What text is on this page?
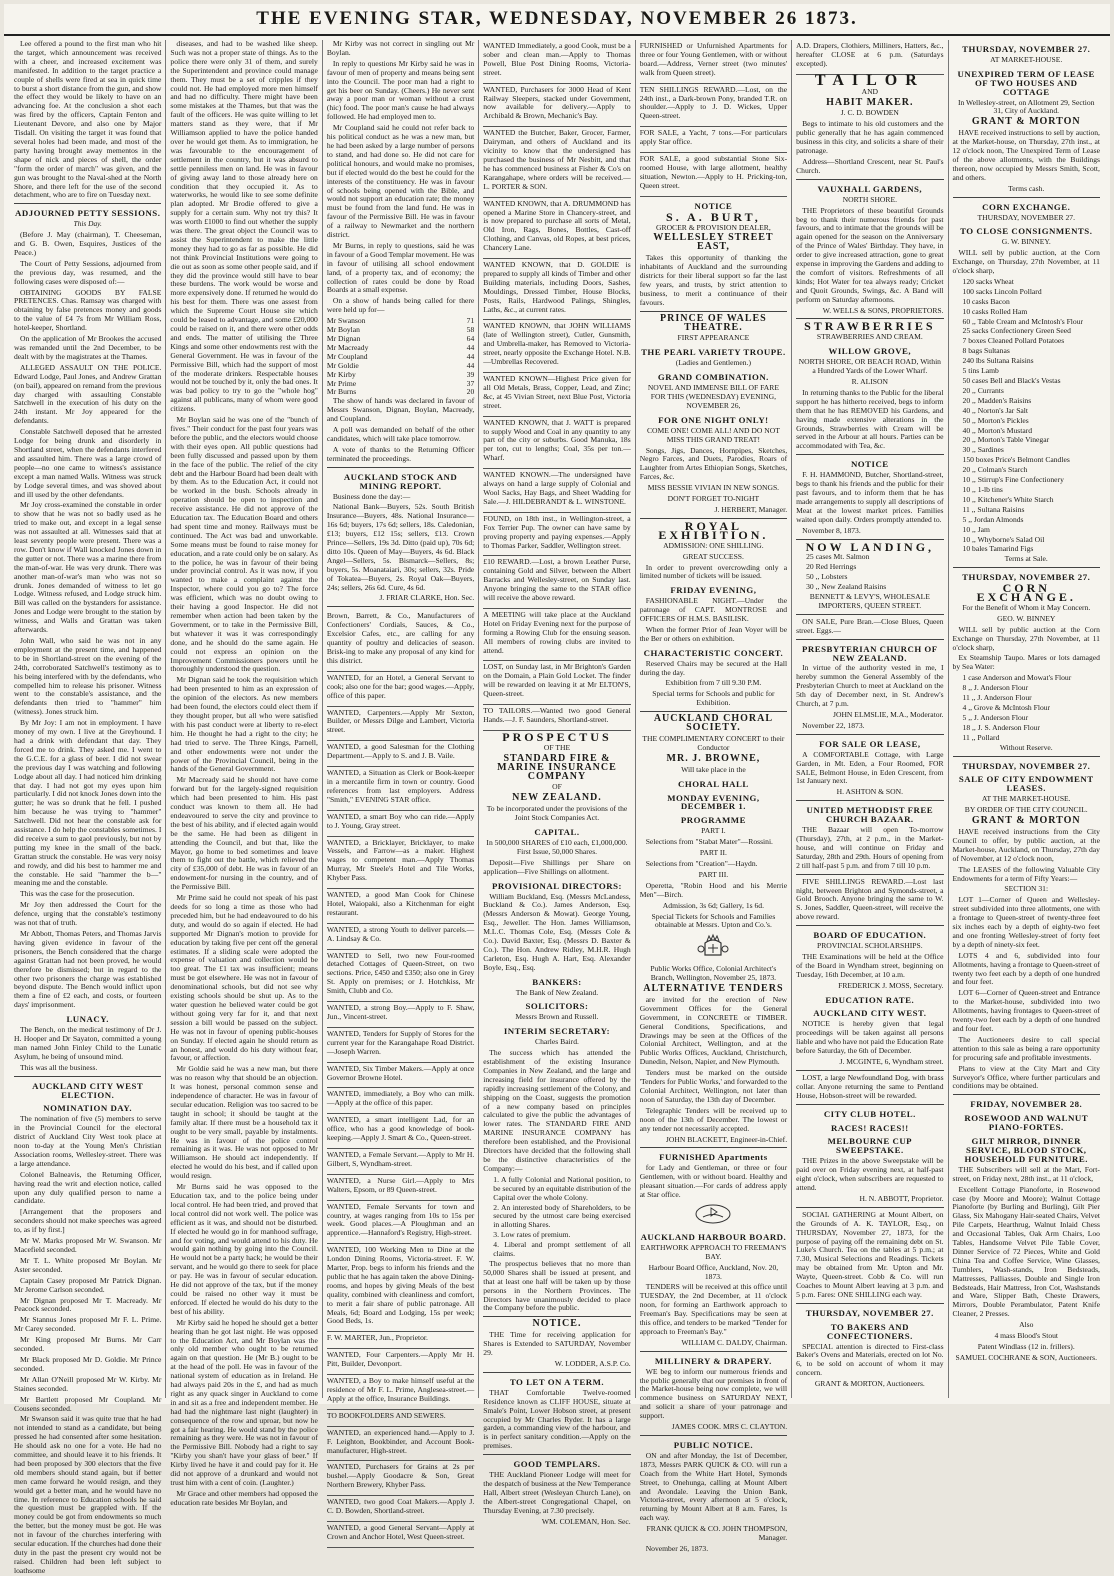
THE EVENING STAR, WEDNESDAY, NOVEMBER 26 1873.

Lee offered a pound to the first man who hit the target, which announcement was received with a cheer, and increased excitement was manifested. In addition to the target practice a couple of shells were fired at sea in quick time to burst a short distance from the gun, and show the effect they would be likely to have on an advancing foe. At the conclusion a shot each was fired by the officers, Captain Fenton and Lieutenant Devore, and also one by Major Tisdall. On visiting the target it was found that several holes had been made, and most of the party having brought away mementos in the shape of nick and pieces of shell, the order "form the order of march" was given, and the gun was brought to the Naval-shed at the North Shore, and there left for the use of the second detachment, who are to fire on Tuesday next.

ADJOURNED PETTY SESSIONS.
This Day.

(Before J. May (chairman), T. Cheeseman, and G. B. Owen, Esquires, Justices of the Peace.)

The Court of Petty Sessions, adjourned from the previous day, was resumed, and the following cases were disposed of:—

OBTAINING GOODS BY FALSE PRETENCES. Chas. Ramsay was charged with obtaining by false pretences money and goods to the value of £4 7s from Mr William Ross, hotel-keeper, Shortland.

On the application of Mr Brookes the accused was remanded until the 2nd December, to be dealt with by the magistrates at the Thames.

ALLEGED ASSAULT ON THE POLICE. Edward Lodge, Paul Jones, and Andrew Grattan (on bail), appeared on remand from the previous day charged with assaulting Constable Satchwell in the execution of his duty on the 24th instant. Mr Joy appeared for the defendants.

Constable Satchwell deposed that he arrested Lodge for being drunk and disorderly in Shortland street, when the defendants interfered and assaulted him. There was a large crowd of people—no one came to witness's assistance except a man named Walls. Witness was struck by Lodge several times, and was shoved about and ill used by the other defendants.

Mr Joy cross-examined the constable in order to show that he was not so badly used as he tried to make out, and except in a legal sense was not assaulted at all. Witnesses said that at least seventy people were present. There was a row. Don't know if Wall knocked Jones down in the gutter or not. There was a marine there from the man-of-war. He was very drunk. There was another man-of-war's man who was not so drunk. Jones demanded of witness to let go Lodge. Witness refused, and Lodge struck him. Bill was called on the bystanders for assistance. Jones and Lodge were brought to the station by witness, and Walls and Grattan was taken afterwards.

John Wall, who said he was not in any employment at the present time, and happened to be in Shortland-street on the evening of the 24th, corroborated Satchwell's testimony as to his being interfered with by the defendants, who compelled him to release his prisoner. Witness went to the constable's assistance, and the defendants then tried to "hammer" him (witness). Jones struck him.

By Mr Joy: I am not in employment. I have money of my own. I live at the Greyhound. I had a drink with defendant that day. They forced me to drink. They asked me. I went to the G.C.E. for a glass of beer. I did not swear the previous day I was watching and following Lodge about all day. I had noticed him drinking that day. I had not got my eyes upon him particularly. I did not knock Jones down into the gutter; he was so drunk that he fell. I pushed him because he was trying to "hammer" Satchwell. Did not hear the constable ask for assistance. I do help the constables sometimes. I did receive a sum to gaol previously, but not by putting my knee in the small of the back. Grattan struck the constable. He was very noisy and rowdy, and did his best to hammer me and the constable. He said "hammer the b—" meaning me and the constable.

This was the case for the prosecution.

Mr Joy then addressed the Court for the defence, urging that the constable's testimony was not that of truth.

Mr Abbott, Thomas Peters, and Thomas Jarvis having given evidence in favour of the prisoners, the Bench considered that the charge against Grattan had not been proved, he would therefore be dismissed; but in regard to the other two prisoners the charge was established beyond dispute. The Bench would inflict upon them a fine of £2 each, and costs, or fourteen days' imprisonment.

LUNACY.

The Bench, on the medical testimony of Dr J. H. Hooper and Dr Sayaton, committed a young man named John Finley Child to the Lunatic Asylum, he being of unsound mind.

This was all the business.

AUCKLAND CITY WEST ELECTION.
NOMINATION DAY.

The nomination of five (5) members to serve in the Provincial Council for the electoral district of Auckland City West took place at noon to-day at the Young Men's Christian Association rooms, Wellesley-street. There was a large attendance.

Colonel Balneavis, the Returning Officer, having read the writ and election notice, called upon any duly qualified person to name a candidate.

[Arrangement that the proposers and seconders should not make speeches was agreed to, as if by first.]

Mr W. Marks proposed Mr W. Swanson. Mr Macefield seconded.

Mr T. L. White proposed Mr Boylan. Mr Aster seconded.

Captain Casey proposed Mr Patrick Dignan. Mr Jerome Carlson seconded.

Mr Dignan proposed Mr T. Macready. Mr Peacock seconded.

Mr Stannus Jones proposed Mr F. L. Prime. Mr Carey seconded.

Mr King proposed Mr Burns. Mr Carr seconded.

Mr Black proposed Mr D. Goldie. Mr Prince seconded.

Mr Allan O'Neill proposed Mr W. Kirby. Mr Staines seconded.

Mr Bartlett proposed Mr Coupland. Mr Cousens seconded.

Mr Swanson said it was quite true that he had not intended to stand as a candidate, but being pressed he had consented after some hesitation. He should ask no one for a vote. He had no committee, and should leave it to his friends. It had been proposed by 300 electors that the five old members should stand again, but if better men came forward he would resign, and they would get a better man, and he would have no time. In reference to Education schools he said the question must be grappled with. If the money could be got from endowments so much the better, but the money must be got. He was not in favour of the churches interfering with secular education. If the churches had done their duty in the past the present cry would not be raised. Children had been left subject to loathsome

diseases, and had to be washed like sheep. Such was not a proper state of things. As to the police there were only 31 of them, and surely the Superintendent and province could manage them. They must be a set of cripples if they could not. He had employed more men himself and had no difficulty. There might have been some mistakes at the Thames, but that was the fault of the officers. He was quite willing to let matters stand as they were, that if Mr Williamson applied to have the police handed over he would get them. As to immigration, he was favourable to the encouragement of settlement in the country, but it was absurd to settle penniless men on land. He was in favour of giving away land to those already here on condition that they occupied it. As to waterworks, he would like to see some definite plan adopted. Mr Brodie offered to give a supply for a certain sum. Why not try this? It was worth £1000 to find out whether the supply was there. The great object the Council was to assist the Superintendent to make the little money they had to go as far as possible. He did not think Provincial Institutions were going to die out as soon as some other people said, and if they did the province would still have to bear these burdens. The work would be worse and more expensively done. If returned he would do his best for them. There was one assest from which the Supreme Court House site which could be leased to advantage, and some £20,000 could be raised on it, and there were other odds and ends. The matter of utilising the Three Kings and some other endowments rest with the General Government. He was in favour of the Permissive Bill, which had the support of most of the moderate drinkers. Respectable houses would not be touched by it, only the bad ones. It was bad policy to try to go the "whole hog" against all publicans, many of whom were good citizens.

Mr Boylan said he was one of the "bunch of fives." Their conduct for the past four years was before the public, and the electors would choose with their eyes open. All public questions had been fully discussed and passed upon by them in the face of the public. The relief of the city debt and the Harbour Board had been dealt with by them. As to the Education Act, it could not be worked in the bush. Schools already in operation should be open to inspection and receive assistance. He did not approve of the Education tax. The Education Board and others had spent time and money. Railways must be continued. The Act was bad and unworkable. Some means must be found to raise money for education, and a rate could only be on salary. As to the police, he was in favour of their being under provincial control. As it was now, if you wanted to make a complaint against the Inspector, where could you go to? The force was efficient, which was no doubt owing to their having a good Inspector. He did not remember when action had been taken by the Government, or to take in the Permissive Bill, but whatever it was it was correspondingly done, and he should do the same again. He could not express an opinion on the Improvement Commissioners powers until he thoroughly understood the question.

Mr Dignan said he took the requisition which had been presented to him as an expression of the opinion of the electors. As new members had been found, the electors could elect them if they thought proper, but all who were satisfied with his past conduct were at liberty to re-elect him. He thought he had a right to the city; he had tried to serve. The Three Kings, Parnell, and other endowments were not under the power of the Provincial Council, being in the hands of the General Government.

Mr Macready said he should not have come forward but for the largely-signed requisition which had been presented to him. His past conduct was known to them all. He had endeavoured to serve the city and province to the best of his ability, and if elected again would be the same. He had been as diligent in attending the Council, and but that, like the Mayor, go home to bed sometimes and leave them to fight out the battle, which relieved the city of £35,000 of debt. He was in favour of an endowment-for nursing in the country, and of the Permissive Bill.

Mr Prime said he could not speak of his past deeds for so long a time as those who had preceded him, but he had endeavoured to do his duty, and would do so again if elected. He had supported Mr Dignan's motion to provide for education by taking five per cent off the general estimates. If a sliding scale were adopted the expense of valuation and collection would be too great. The £1 tax was insufficient; means must be got elsewhere. He was not in favour of denominational schools, but did not see why existing schools should be shut up. As to the water question he believed water could be got without going very far for it, and that next session a bill would be passed on the subject. He was not in favour of opening public-houses on Sunday. If elected again he should return as an honest, and would do his duty without fear, favour, or affection.

Mr Goldie said he was a new man, but there was no reason why that should be an objection. It was honest, personal common sense and independence of character. He was in favour of secular education. Religion was too sacred to be taught in school; it should be taught at the family altar. If there must be a household tax it ought to be very small, payable by instalments. He was in favour of the police control remaining as it was. He was not opposed to Mr Williamson. He should act independently. If elected he would do his best, and if called upon would resign.

Mr Burns said he was opposed to the Education tax, and to the police being under local control. He had been tried, and proved that local control did not work well. The police was efficient as it was, and should not be disturbed. If elected he would go in for manhood suffrage, and for voting, and would attend to his duty. He would gain nothing by going into the Council. He would not be a party hack; he would be their servant, and he would go there to seek for place or pay. He was in favour of secular education. He did not approve of the tax, but if the money could be raised no other way it must be enforced. If elected he would do his duty to the best of his ability.

Mr Kirby said he hoped he should get a better hearing than he got last night. He was opposed to the Education Act, and Mr Boylan was the only old member who ought to be returned again on that question. He (Mr B.) ought to be at the head of the poll. He was in favour of the national system of education as in Ireland. He had always paid 20s in the £, and had as much right as any quack singer in Auckland to come in and sit as a free and independent member. He had had the nightmare last night (laughter) in consequence of the row and uproar, but now he got a fair hearing. He would stand by the police remaining as they were. He was not in favour of the Permissive Bill. Nobody had a right to say "Kirby you shan't have your glass of beer." If Kirby lived he have it and could pay for it. He did not approve of a drunkard and would not trust him with a cent of coin. (Laughter.)

Mr Grace and other members had opposed the education rate besides Mr Boylan, and

Mr Kirby was not correct in singling out Mr Boylan.

In reply to questions Mr Kirby said he was in favour of men of property and means being sent into the Council. The poor man had a right to get his beer on Sunday. (Cheers.) He never sent away a poor man or woman without a crust (hic) food. The poor man's cause he had always followed. He had employed men to.

Mr Coupland said he could not refer back to his political conduct as he was a new man, but he had been asked by a large number of persons to stand, and had done so. He did not care for political honours, and would make no promises, but if elected would do the best he could for the interests of the constituency. He was in favour of schools being opened with the Bible, and would not support an education rate; the money must be found from the land fund. He was in favour of the Permissive Bill. He was in favour of a railway to Newmarket and the northern district.

Mr Burns, in reply to questions, said he was in favour of a Good Templar movement. He was in favour of utilising all school endowment land, of a property tax, and of economy; the collection of rates could be done by Road Boards at a small expense.

On a show of hands being called for there were held up for—

Mr Swanson	71
Mr Boylan	58
Mr Dignan	64
Mr Macready	44
Mr Coupland	44
Mr Goldie	44
Mr Kirby	39
Mr Prime	37
Mr Burns	20

The show of hands was declared in favour of Messrs Swanson, Dignan, Boylan, Macready, and Coupland.

A poll was demanded on behalf of the other candidates, which will take place tomorrow.

A vote of thanks to the Returning Officer terminated the proceedings.

AUCKLAND STOCK AND MINING REPORT.

Business done the day:—

National Bank—Buyers, 52s. South British Insurance—Buyers, 48s. National Insurance—16s 6d; buyers, 17s 6d; sellers, 18s. Caledonian, £13; buyers, £12 15s; sellers, £13. Crown Prince—Sellers, 19s 3d. Ditto (paid up), 70s 6d; ditto 10s. Queen of May—Buyers, 4s 6d. Black Angel—Sellers, 5s. Bismarck—Sellers, 8s; buyers, 5s. Moanataiari, 30s; sellers, 32s. Pride of Tokatea—Buyers, 2s. Royal Oak—Buyers, 24s; sellers, 26s 6d. Cure, 4s 6d.

J. FRIAR CLARKE, Hon. Sec.

Brown, Barrett, & Co., Manufacturers of Confectioners' Cordials, Sauces, & Co., Excelsior Cafes, etc., are calling for any quantity of poultry and delicacies of season. Brisk-ing to make any proposal of any kind for this district.

WANTED, for an Hotel, a General Servant to cook; also one for the bar; good wages.—Apply, office of this paper.

WANTED, Carpenters.—Apply Mr Sexton, Builder, or Messrs Dilge and Lambert, Victoria street.

WANTED, a good Salesman for the Clothing Department.—Apply to S. and J. B. Vaile.

WANTED, a Situation as Clerk or Book-keeper in a mercantile firm in town or country. Good references from last employers. Address "Smith," EVENING STAR office.

WANTED, a smart Boy who can ride.—Apply to J. Young, Gray street.

WANTED, a Bricklayer, Bricklayer, to make Vessels, and Farrow—as a maker. Highest wages to competent man.—Apply Thomas Murray, Mr Steele's Hotel and Tile Works, Khyber Pass.

WANTED, a good Man Cook for Chinese Hotel, Waiopaki, also a Kitchenman for eight restaurant.

WANTED, a strong Youth to deliver parcels.—A. Lindsay & Co.

WANTED to Sell, two new Four-roomed detached Cottages of Queen-Street, on two sections. Price, £450 and £350; also one in Grey St. Apply on premises; or J. Hotchkiss, Mr Smith, Clubb and Co.

WANTED, a strong Boy.—Apply to F. Shaw, Jun., Vincent-street.

WANTED, Tenders for Supply of Stores for the current year for the Karangahape Road District.—Joseph Warren.

WANTED, Six Timber Makers.—Apply at once Governor Browne Hotel.

WANTED, immediately, a Boy who can milk.—Apply at the office of this paper.

WANTED, a smart intelligent Lad, for an office, who has a good knowledge of book-keeping.—Apply J. Smart & Co., Queen-street.

WANTED, a Female Servant.—Apply to Mr H. Gilbert, S, Wyndham-street.

WANTED, a Nurse Girl.—Apply to Mrs Walters, Epsom, or 89 Queen-street.

WANTED, Female Servants for town and country, at wages ranging from 10s to 15s per week. Good places.—A Ploughman and an apprentice.—Hannaford's Registry, High-street.

WANTED, 100 Working Men to Dine at the London Dining Rooms, Victoria-street. F. W. Marter, Prop. begs to inform his friends and the public that he has again taken the above Dining-rooms, and hopes by giving Meals of the best quality, combined with cleanliness and comfort, to merit a fair share of public patronage. All Meals, 6d; Board and Lodging, 15s per week; Good Beds, 1s.

F. W. MARTER, Jun., Proprietor.

WANTED, Four Carpenters.—Apply Mr H. Pitt, Builder, Devonport.

WANTED, a Boy to make himself useful at the residence of Mr F. L. Prime, Anglesea-street.—Apply at the office, Insurance Buildings.

TO BOOKFOLDERS AND SEWERS.

WANTED, an experienced hand.—Apply to J. F. Leighton, Bookbinder, and Account Book-manufacturer, High-street.

WANTED, Purchasers for Grains at 2s per bushel.—Apply Goodacre & Son, Great Northern Brewery, Khyber Pass.

WANTED, two good Coat Makers.—Apply J. C. D. Bowden, Shortland-street.

WANTED, a good General Servant—Apply at Crown and Anchor Hotel, West Queen-street.

WANTED Immediately, a good Cook, must be a sober and clean man.—Apply to Thomas Powell, Blue Post Dining Rooms, Victoria-street.

WANTED, Purchasers for 3000 Head of Kent Railway Sleepers, stacked under Government, now available for delivery.—Apply to Archibald & Brown, Mechanic's Bay.

WANTED the Butcher, Baker, Grocer, Farmer, Dairyman, and others of Auckland and its vicinity to know that the undersigned has purchased the business of Mr Nesbitt, and that he has commenced business at Fisher & Co's on Karangahape, where orders will be received.—L. PORTER & SON.

WANTED KNOWN, that A. DRUMMOND has opened a Marine Store in Chancery-street, and is now prepared to purchase all sorts of Metal, Old Iron, Rags, Bones, Bottles, Cast-off Clothing, and Canvas, old Ropes, at best prices, Chancery Lane.

WANTED KNOWN, that D. GOLDIE is prepared to supply all kinds of Timber and other Building materials, including Doors, Sashes, Mouldings, Dressed Timber, House Blocks, Posts, Rails, Hardwood Palings, Shingles, Laths, &c., at current rates.

WANTED KNOWN, that JOHN WILLIAMS (late of Wellington street), Cutler, Gunsmith, and Umbrella-maker, has Removed to Victoria-street, nearly opposite the Exchange Hotel. N.B.—Umbrellas Recovered.

WANTED KNOWN—Highest Price given for all Old Metals, Brass, Copper, Lead, and Zinc; &c, at 45 Vivian Street, next Blue Post, Victoria street.

WANTED KNOWN, that J. WATT is prepared to supply Wood and Coal in any quantity to any part of the city or suburbs. Good Manuka, 18s per ton, cut to lengths; Coal, 35s per ton.—Wharf.

WANTED KNOWN.—The undersigned have always on hand a large supply of Colonial and Wool Sacks, Hay Bags, and Sheet Wadding for Sale.—J. HILDEBRANDT & L. WINSTONE.

FOUND, on 18th inst., in Wellington-street, a Fox Terrier Pup. The owner can have same by proving property and paying expenses.—Apply to Thomas Parker, Saddler, Wellington street.

£10 REWARD.—Lost, a brown Leather Purse, containing Gold and Silver, between the Albert Barracks and Wellesley-street, on Sunday last. Anyone bringing the same to the STAR office will receive the above reward.

A MEETING will take place at the Auckland Hotel on Friday Evening next for the purpose of forming a Rowing Club for the ensuing season. All members of rowing clubs are invited to attend.

LOST, on Sunday last, in Mr Brighton's Garden on the Domain, a Plain Gold Locket. The finder will be rewarded on leaving it at Mr ELTON'S, Queen-street.

TO TAILORS.—Wanted two good General Hands.—J. F. Saunders, Shortland-street.

PROSPECTUS

OF THE

STANDARD FIRE & MARINE INSURANCE COMPANY

OF

NEW ZEALAND.

To be incorporated under the provisions of the Joint Stock Companies Act.

CAPITAL.

In 500,000 SHARES of £10 each, £1,000,000. First Issue, 50,000 Shares.

Deposit—Five Shillings per Share on application—Five Shillings on allotment.

PROVISIONAL DIRECTORS:

William Buckland, Esq. (Messrs McLandess, Buckland & Co.). James Anderson, Esq. (Messrs Anderson & Mowat). George Young, Esq., Jeweller. The Hon. James Williamson, M.L.C. Thomas Cole, Esq. (Messrs Cole & Co.). David Baxter, Esq. (Messrs D. Baxter & Co.). The Hon. Andrew Ridley, M.H.R. Hugh Carleton, Esq. Hugh A. Hart, Esq. Alexander Boyle, Esq., Esq.

BANKERS:

The Bank of New Zealand.

SOLICITORS:

Messrs Brown and Russell.

INTERIM SECRETARY:

Charles Baird.

The success which has attended the establishment of the existing Insurance Companies in New Zealand, and the large and increasing field for insurance offered by the rapidly increasing settlement of the Colony, and shipping on the Coast, suggests the promotion of a new company based on principles calculated to give the public the advantages of lower rates. The STANDARD FIRE AND MARINE INSURANCE COMPANY has therefore been established, and the Provisional Directors have decided that the following shall be the distinctive characteristics of the Company:—

1. A fully Colonial and National position, to be secured by an equitable distribution of the Capital over the whole Colony.

2. An interested body of Shareholders, to be secured by the utmost care being exercised in allotting Shares.

3. Low rates of premium.

4. Liberal and prompt settlement of all claims.

The prospectus believes that no more than 50,000 Shares shall be issued at present, and that at least one half will be taken up by those persons in the Northern Provinces. The Directors have unanimously decided to place the Company before the public.

NOTICE.

THE Time for receiving application for Shares is Extended to SATURDAY, November 29.

W. LODDER, A.S.P. Co.

TO LET ON A TERM.

THAT Comfortable Twelve-roomed Residence known as CLIFF HOUSE, situate at Smale's Point, Lower Hobson street, at present occupied by Mr Charles Ryder. It has a large garden, a commanding view of the harbour, and is in perfect sanitary condition.—Apply on the premises.

GOOD TEMPLARS.

THE Auckland Pioneer Lodge will meet for the despatch of business at the New Temperance Hall, Albert street (Wesleyan Church Lane), on the Albert-street Congregational Chapel, on Thursday Evening, at 7.30 precisely.

WM. COLEMAN, Hon. Sec.

FURNISHED or Unfurnished Apartments for three or four Young Gentlemen, with or without board.—Address, Verner street (two minutes' walk from Queen street).

TEN SHILLINGS REWARD.—Lost, on the 24th inst., a Dark-brown Pony, branded T.R. on shoulder.—Apply to J. D. Wickes, Upper Queen-street.

FOR SALE, a Yacht, 7 tons.—For particulars apply Star office.

FOR SALE, a good substantial Stone Six-roomed House, with large allotment, healthy situation, Newton.—Apply to H. Pricking-ton, Queen street.

NOTICE
S. A. BURT,

GROCER & PROVISION DEALER,

WELLESLEY STREET EAST,

Takes this opportunity of thanking the inhabitants of Auckland and the surrounding districts for their liberal support so far the last few years, and trusts, by strict attention to business, to merit a continuance of their favours.

PRINCE OF WALES THEATRE.

FIRST APPEARANCE

THE PEARL VARIETY TROUPE.

(Ladies and Gentlemen.)

GRAND COMBINATION.

NOVEL AND IMMENSE BILL OF FARE FOR THIS (WEDNESDAY) EVENING, NOVEMBER 26,

FOR ONE NIGHT ONLY!

COME ONE! COME ALL! AND DO NOT MISS THIS GRAND TREAT!

Songs, Jigs, Dances, Hornpipes, Sketches, Negro Farces, and Duets, Parodies, Roars of Laughter from Artes Ethiopian Songs, Sketches, Farces, &c.

MISS BESSIE VIVIAN IN NEW SONGS.

DON'T FORGET TO-NIGHT

J. HERBERT, Manager.

ROYAL EXHIBITION.

ADMISSION: ONE SHILLING.

GREAT SUCCESS.

In order to prevent overcrowding only a limited number of tickets will be issued.

FRIDAY EVENING,

FASHIONABLE NIGHT.—Under the patronage of CAPT. MONTROSE and OFFICERS OF H.M.S. BASILISK.

When the former Prior of Jean Voyer will be the Ber or others on exhibition.

CHARACTERISTIC CONCERT.

Reserved Chairs may be secured at the Hall during the day.

Exhibition from 7 till 9.30 P.M.

Special terms for Schools and public for Exhibition.

AUCKLAND CHORAL SOCIETY.

THE COMPLIMENTARY CONCERT to their Conductor

MR. J. BROWNE,

Will take place in the

CHORAL HALL
MONDAY EVENING, DECEMBER 1.
PROGRAMME

PART I.

Selections from "Stabat Mater"—Rossini.

PART II.

Selections from "Creation"—Haydn.

PART III.

Operetta, "Robin Hood and his Merrie Men"—Birch.

Admission, 3s 6d; Gallery, 1s 6d.

Special Tickets for Schools and Families obtainable at Messrs. Upton and Co.'s.

Public Works Office, Colonial Architect's Branch, Wellington, November 25, 1873.

ALTERNATIVE TENDERS

are invited for the erection of New Government Offices for the General Government, in CONCRETE or TIMBER. General Conditions, Specifications, and Drawings may be seen at the Offices of the Colonial Architect, Wellington, and at the Public Works Offices, Auckland, Christchurch, Dunedin, Nelson, Napier, and New Plymouth.

Tenders must be marked on the outside 'Tenders for Public Works,' and forwarded to the Colonial Architect, Wellington, not later than noon of Saturday, the 13th day of December.

Telegraphic Tenders will be received up to noon of the 13th of December. The lowest or any tender not necessarily accepted.

JOHN BLACKETT, Engineer-in-Chief.

FURNISHED Apartments

for Lady and Gentleman, or three or four Gentlemen, with or without board. Healthy and pleasant situation.—For cards of address apply at Star office.

AUCKLAND HARBOUR BOARD.

EARTHWORK APPROACH TO FREEMAN'S BAY.

Harbour Board Office, Auckland, Nov. 20, 1873.

TENDERS will be received at this office until TUESDAY, the 2nd December, at 11 o'clock noon, for forming an Earthwork approach to Freeman's Bay. Specifications may be seen at this office, and tenders to be marked "Tender for approach to Freeman's Bay."

WILLIAM C. DALDY, Chairman.

MILLINERY & DRAPERY.

WE beg to inform our numerous friends and the public generally that our premises in front of the Market-house being now complete, we will commence business on SATURDAY NEXT, and solicit a share of your patronage and support.

JAMES COOK. MRS C. CLAYTON.

PUBLIC NOTICE.

ON and after Monday, the 1st of December, 1873, Messrs PARK QUICK & CO. will run a Coach from the White Hart Hotel, Symonds Street, to Onehunga, calling at Mount Albert and Avondale. Leaving the Union Bank, Victoria-street, every afternoon at 5 o'clock, returning by Mount Albert at 8 a.m. Fares, 1s each way.

FRANK QUICK & CO. JOHN THOMPSON, Manager.

November 26, 1873.

A.D. Drapers, Clothiers, Milliners, Hatters, &c., hereafter CLOSE at 6 p.m. (Saturdays excepted).

TAILOR

AND

HABIT MAKER.

J. C. D. BOWDEN

Begs to intimate to his old customers and the public generally that he has again commenced business in this city, and solicits a share of their patronage.

Address—Shortland Crescent, near St. Paul's Church.

VAUXHALL GARDENS,

NORTH SHORE.

THE Proprietors of these beautiful Grounds beg to thank their numerous friends for past favours, and to intimate that the grounds will be again opened for the season on the Anniversary of the Prince of Wales' Birthday. They have, in order to give increased attraction, gone to great expense in improving the Gardens and adding to the comfort of visitors. Refreshments of all kinds; Hot Water for tea always ready; Cricket and Quoit Grounds, Swings, &c. A Band will perform on Saturday afternoons.

W. WELLS & SONS, PROPRIETORS.

STRAWBERRIES

STRAWBERRIES AND CREAM.

WILLOW GROVE,

NORTH SHORE, OR BEACH ROAD, Within a Hundred Yards of the Lower Wharf.

R. ALISON

In returning thanks to the Public for the liberal support he has hitherto received, begs to inform them that he has REMOVED his Gardens, and having made extensive alterations in the Grounds, Strawberries with Cream will be served in the Arbour at all hours. Parties can be accommodated with Tea, &c.

NOTICE

F. H. HAMMOND, Butcher, Shortland-street, begs to thank his friends and the public for their past favours, and to inform them that he has made arrangements to supply all descriptions of Meat at the lowest market prices. Families waited upon daily. Orders promptly attended to.

November 8, 1873.

NOW LANDING,

25 cases Mt. Salmon

20 Red Herrings

50 ,, Lobsters

30 ,, New Zealand Raisins

BENNETT & LEVY'S, WHOLESALE IMPORTERS, QUEEN STREET.

ON SALE, Pure Bran.—Close Blues, Queen street. Eggs.—

PRESBYTERIAN CHURCH OF NEW ZEALAND.

In virtue of the authority vested in me, I hereby summon the General Assembly of the Presbyterian Church to meet at Auckland on the 5th day of December next, in St. Andrew's Church, at 7 p.m.

JOHN ELMSLIE, M.A., Moderator.

November 22, 1873.

FOR SALE OR LEASE,

A COMFORTABLE Cottage, with Large Garden, in Mt. Eden, a Four Roomed, FOR SALE, Belmont House, in Eden Crescent, from 1st January next.

H. ASHTON & SON.

UNITED METHODIST FREE CHURCH BAZAAR.

THE Bazaar will open To-morrow (Thursday), 27th, at 2 p.m., in the Market-house, and will continue on Friday and Saturday, 28th and 29th. Hours of opening from 2 till half-past 5 p.m. and from 7 till 10 p.m.

FIVE SHILLINGS REWARD.—Lost last night, between Brighton and Symonds-street, a Gold Brooch. Anyone bringing the same to W. S. Jones, Saddler, Queen-street, will receive the above reward.

BOARD OF EDUCATION.

PROVINCIAL SCHOLARSHIPS.

THE Examinations will be held at the Office of the Board in Wyndham street, beginning on Tuesday, 16th December, at 10 a.m.

FREDERICK J. MOSS, Secretary.

EDUCATION RATE.
AUCKLAND CITY WEST.

NOTICE is hereby given that legal proceedings will be taken against all persons liable and who have not paid the Education Rate before Saturday, the 6th of December.

J. MCGINTE, 6, Wyndham street.

LOST, a large Newfoundland Dog, with brass collar. Anyone returning the same to Pentland House, Hobson-street will be rewarded.

CITY CLUB HOTEL.
RACES! RACES!!
MELBOURNE CUP SWEEPSTAKE.

THE Prizes in the above Sweepstake will be paid over on Friday evening next, at half-past eight o'clock, when subscribers are requested to attend.

H. N. ABBOTT, Proprietor.

SOCIAL GATHERING at Mount Albert, on the Grounds of A. K. TAYLOR, Esq., on THURSDAY, November 27, 1873, for the purpose of paying off the remaining debt on St. Luke's Church. Tea on the tables at 5 p.m.; at 7.30, Musical Selections and Readings. Tickets may be obtained from Mr. Upton and Mr. Wayte, Queen-street. Cobb & Co. will run Coaches to Mount Albert leaving at 3 p.m. and 5 p.m. Fares: ONE SHILLING each way.

THURSDAY, NOVEMBER 27.
TO BAKERS AND CONFECTIONERS.

SPECIAL attention is directed to First-class Baker's Ovens and Materials, erected on lot No. 6, to be sold on account of whom it may concern.

GRANT & MORTON, Auctioneers.

THURSDAY, NOVEMBER 27.

AT MARKET-HOUSE.

UNEXPIRED TERM OF LEASE OF TWO HOUSES AND COTTAGE

In Wellesley-street, on Allotment 29, Section 31, City of Auckland.

GRANT & MORTON

HAVE received instructions to sell by auction, at the Market-house, on Thursday, 27th inst., at 12 o'clock noon, The Unexpired Term of Lease of the above allotments, with the Buildings thereon, now occupied by Messrs Smith, Scott, and others.

Terms cash.

CORN EXCHANGE.

THURSDAY, NOVEMBER 27.

TO CLOSE CONSIGNMENTS.

G. W. BINNEY.

WILL sell by public auction, at the Corn Exchange, on Thursday, 27th November, at 11 o'clock sharp,

120 sacks Wheat

100 sacks Lincoln Pollard

10 casks Bacon

10 casks Rolled Ham

60 ,, Table Cream and McIntosh's Flour

25 sacks Confectionery Green Seed

7 boxes Cleaned Pollard Potatoes

8 bags Sultanas

240 lbs Sultana Raisins

5 tins Lamb

50 cases Bell and Black's Vestas

20 ,, Currants

20 ,, Madden's Raisins

40 ,, Norton's Jar Salt

50 ,, Morton's Pickles

40 ,, Morton's Mustard

20 ,, Morton's Table Vinegar

30 ,, Sardines

150 boxes Price's Belmont Candles

20 ,, Colman's Starch

10 ,, Stirrup's Fine Confectionery

10 ,, 1-lb tins

10 ,, Kitchener's White Starch

11 ,, Sultana Raisins

5 ,, Jordan Almonds

10 ,, Jam

10 ,, Whyborne's Salad Oil

10 bales Tamarind Figs

Terms at Sale.

THURSDAY, NOVEMBER 27.
CORN EXCHANGE.

For the Benefit of Whom it May Concern.

GEO. W. BINNEY

WILL sell by public auction at the Corn Exchange on Thursday, 27th November, at 11 o'clock sharp,

Ex Steamship Taupo. Mares or lots damaged by Sea Water:

1 case Anderson and Mowat's Flour

8 ,, J. Anderson Flour

11 ,, J. Anderson Flour

4 ,, Grove & McIntosh Flour

5 ,, J. Anderson Flour

18 ,, J. S. Anderson Flour

11 ,, Pollard

Without Reserve.

THURSDAY, NOVEMBER 27.
SALE OF CITY ENDOWMENT LEASES.

AT THE MARKET-HOUSE.

BY ORDER OF THE CITY COUNCIL.

GRANT & MORTON

HAVE received instructions from the City Council to offer, by public auction, at the Market-house, Auckland, on Thursday, 27th day of November, at 12 o'clock noon,

The LEASES of the following Valuable City Endowments for a term of Fifty Years:—

SECTION 31:

LOT 1—Corner of Queen and Wellesley-street subdivided into three allotments, one with a frontage to Queen-street of twenty-three feet six inches each by a depth of eighty-two feet and one fronting Wellesley-street of forty feet by a depth of ninety-six feet.

LOTS 4 and 6, subdivided into four Allotments, having a frontage to Queen-street of twenty two feet each by a depth of one hundred and four feet.

LOT 6—Corner of Queen-street and Entrance to the Market-house, subdivided into two Allotments, having frontages to Queen-street of twenty-two feet each by a depth of one hundred and four feet.

The Auctioneers desire to call special attention to this sale as being a rare opportunity for procuring safe and profitable investments.

Plans to view at the City Mart and City Surveyor's Office, where further particulars and conditions may be obtained.

FRIDAY, NOVEMBER 28.
ROSEWOOD AND WALNUT PIANO-FORTES.
GILT MIRROR, DINNER SERVICE, BLOOD STOCK, HOUSEHOLD FURNITURE.

THE Subscribers will sell at the Mart, Fort-street, on Friday next, 28th inst., at 11 o'clock,

Excellent Cottage Pianoforte, in Rosewood case (by Moore and Moore); Walnut Cottage Pianoforte (by Burling and Burling), Gilt Pier Glass, Six Mahogany Hair-seated Chairs, Velvet Pile Carpets, Hearthrug, Walnut Inlaid Chess and Occasional Tables, Oak Arm Chairs, Loo Tables, Handsome Velvet Pile Table Cover, Dinner Service of 72 Pieces, White and Gold China Tea and Coffee Service, Wine Glasses, Tumblers, Wash-stands, Iron Bedsteads, Mattresses, Palliasses, Double and Single Iron Bedsteads, Hair Mattress, Iron Cot, Washstands and Ware, Slipper Bath, Cheste Drawers, Mirrors, Double Perambulator, Patent Knife Cleaner, 2 Presses.

Also

4 mass Blood's Stout

Patent Windlass (12 in. frillers).

SAMUEL COCHRANE & SON, Auctioneers.
